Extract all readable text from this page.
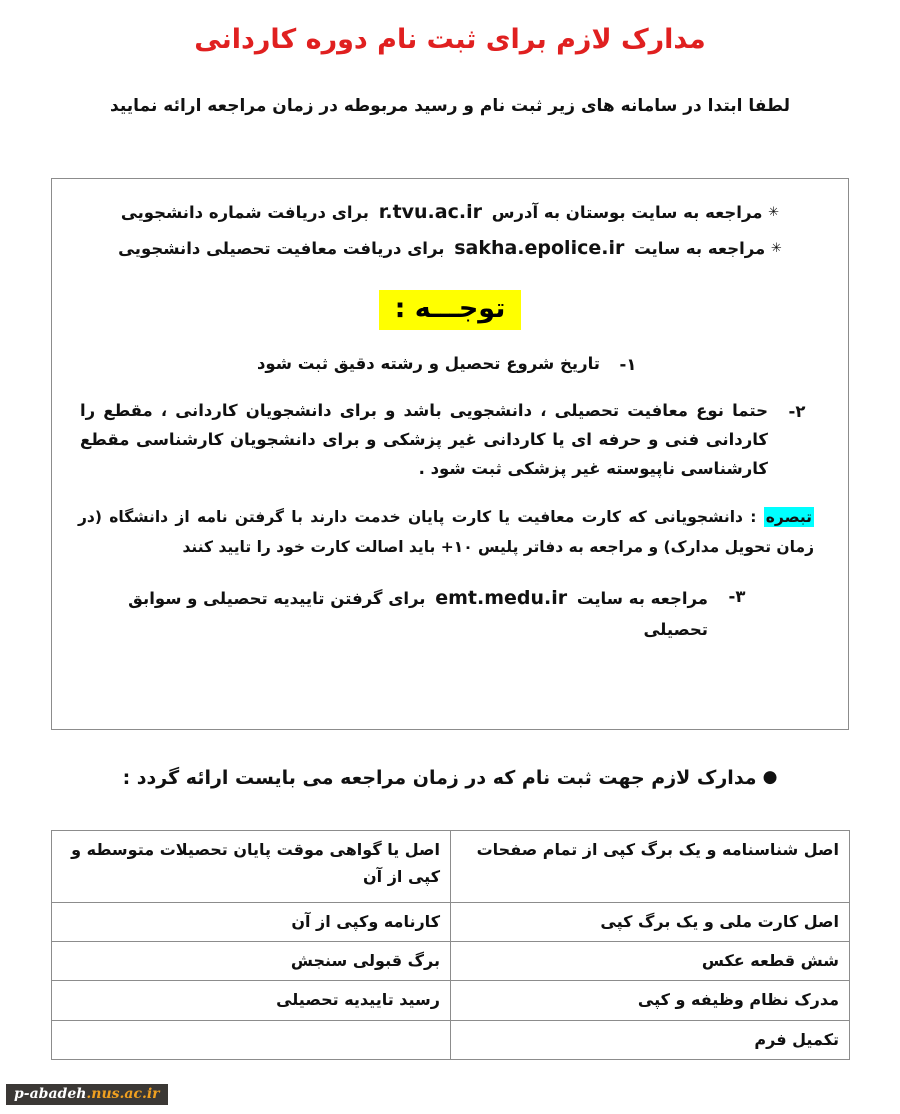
مدارک لازم برای ثبت نام دوره کاردانی

لطفا ابتدا در سامانه های زیر ثبت نام و رسید مربوطه در زمان مراجعه ارائه نمایید

✳ مراجعه به سایت بوستان به آدرس r.tvu.ac.ir برای دریافت شماره دانشجویی
✳ مراجعه به سایت sakha.epolice.ir برای دریافت معافیت تحصیلی دانشجویی
توجـــه :
۱-
تاریخ شروع تحصیل و رشته دقیق ثبت شود
۲-
حتما نوع معافیت تحصیلی ، دانشجویی باشد و برای دانشجویان کاردانی ، مقطع را کاردانی فنی و حرفه ای یا کاردانی غیر پزشکی و برای دانشجویان کارشناسی مقطع کارشناسی ناپیوسته غیر پزشکی ثبت شود .

تبصره : دانشجویانی که کارت معافیت یا کارت پایان خدمت دارند با گرفتن نامه از دانشگاه (در زمان تحویل مدارک) و مراجعه به دفاتر پلیس ۱۰+ باید اصالت کارت خود را تایید کنند

۳-
مراجعه به سایت emt.medu.ir برای گرفتن تاییدیه تحصیلی و سوابق تحصیلی
●مدارک لازم جهت ثبت نام که در زمان مراجعه می بایست ارائه گردد :
اصل شناسنامه و یک برگ کپی از تمام صفحات	اصل یا گواهی موقت پایان تحصیلات متوسطه و کپی از آن
اصل کارت ملی و یک برگ کپی	کارنامه وکپی از آن
شش قطعه عکس	برگ قبولی سنجش
مدرک نظام وظیفه و کپی	رسید تاییدیه تحصیلی
تکمیل فرم	
p-abadeh.nus.ac.ir
